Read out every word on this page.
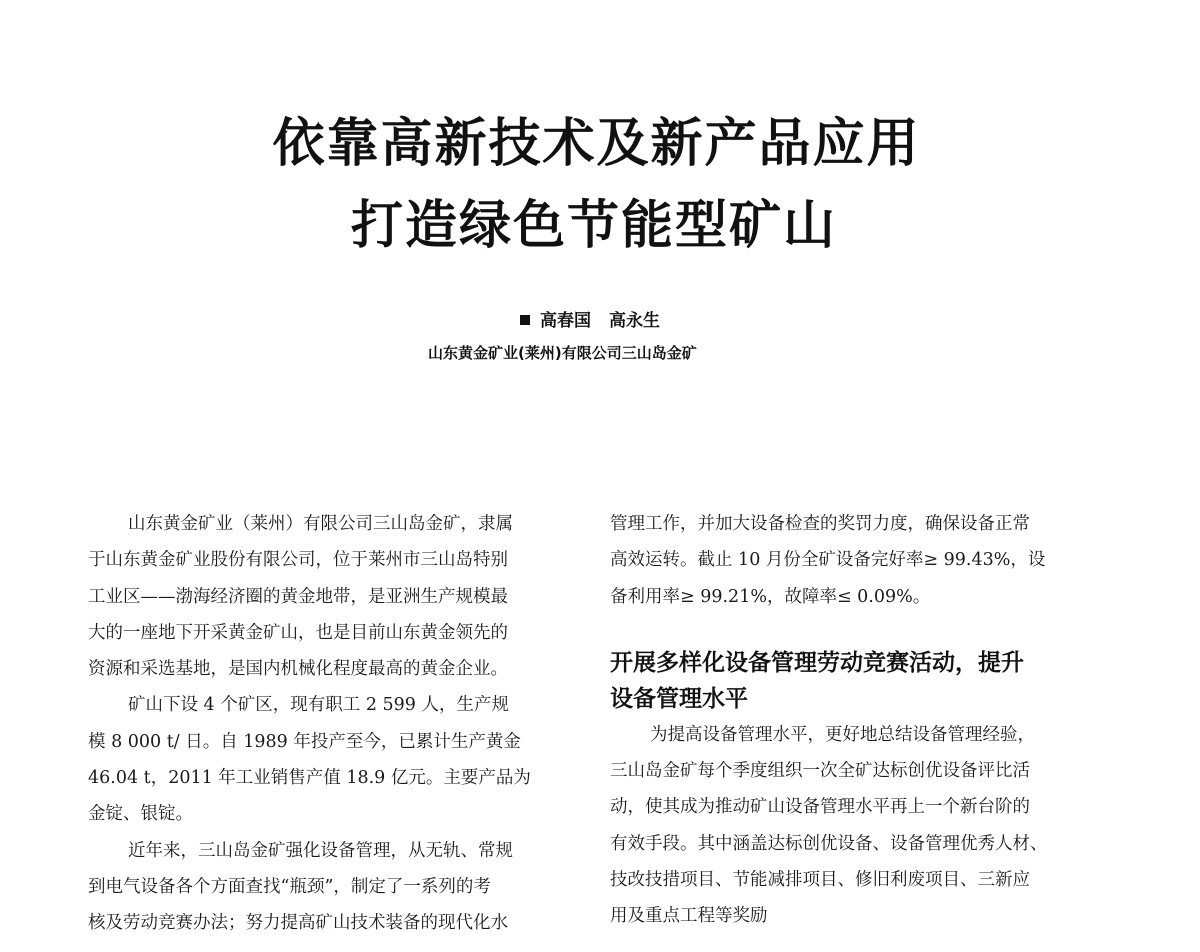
依靠高新技术及新产品应用
打造绿色节能型矿山
高春国 高永生
山东黄金矿业(莱州)有限公司三山岛金矿

山东黄金矿业（莱州）有限公司三山岛金矿，隶属
于山东黄金矿业股份有限公司，位于莱州市三山岛特别
工业区——渤海经济圈的黄金地带，是亚洲生产规模最
大的一座地下开采黄金矿山，也是目前山东黄金领先的
资源和采选基地，是国内机械化程度最高的黄金企业。

矿山下设 4 个矿区，现有职工 2 599 人，生产规
模 8 000 t/ 日。自 1989 年投产至今，已累计生产黄金
46.04 t，2011 年工业销售产值 18.9 亿元。主要产品为
金锭、银锭。

近年来，三山岛金矿强化设备管理，从无轨、常规
到电气设备各个方面查找“瓶颈”，制定了一系列的考
核及劳动竞赛办法；努力提高矿山技术装备的现代化水

管理工作，并加大设备检查的奖罚力度，确保设备正常
高效运转。截止 10 月份全矿设备完好率≥ 99.43%，设
备利用率≥ 99.21%，故障率≤ 0.09%。

开展多样化设备管理劳动竞赛活动，提升
设备管理水平

为提高设备管理水平，更好地总结设备管理经验，
三山岛金矿每个季度组织一次全矿达标创优设备评比活
动，使其成为推动矿山设备管理水平再上一个新台阶的
有效手段。其中涵盖达标创优设备、设备管理优秀人材、
技改技措项目、节能减排项目、修旧利废项目、三新应
用及重点工程等奖励
